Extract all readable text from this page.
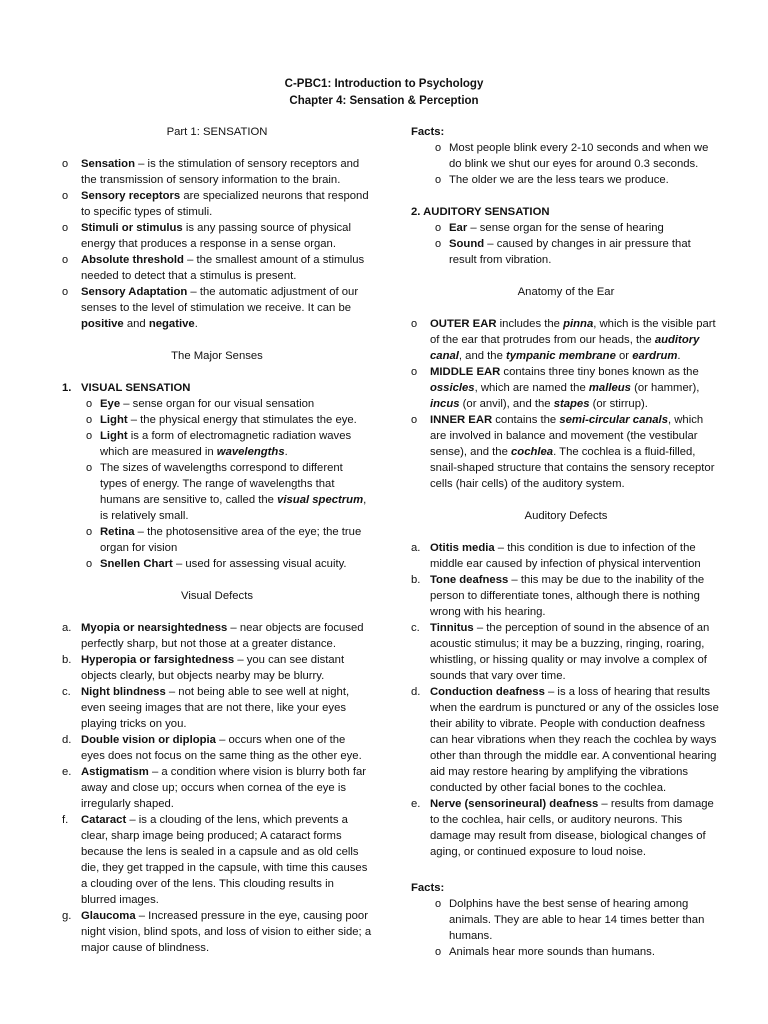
C-PBC1: Introduction to Psychology
Chapter 4: Sensation & Perception
Part 1: SENSATION
o Sensation – is the stimulation of sensory receptors and the transmission of sensory information to the brain.
o Sensory receptors are specialized neurons that respond to specific types of stimuli.
o Stimuli or stimulus is any passing source of physical energy that produces a response in a sense organ.
o Absolute threshold – the smallest amount of a stimulus needed to detect that a stimulus is present.
o Sensory Adaptation – the automatic adjustment of our senses to the level of stimulation we receive. It can be positive and negative.
The Major Senses
1. VISUAL SENSATION
o Eye – sense organ for our visual sensation
o Light – the physical energy that stimulates the eye.
o Light is a form of electromagnetic radiation waves which are measured in wavelengths.
o The sizes of wavelengths correspond to different types of energy. The range of wavelengths that humans are sensitive to, called the visual spectrum, is relatively small.
o Retina – the photosensitive area of the eye; the true organ for vision
o Snellen Chart – used for assessing visual acuity.
Visual Defects
a. Myopia or nearsightedness – near objects are focused perfectly sharp, but not those at a greater distance.
b. Hyperopia or farsightedness – you can see distant objects clearly, but objects nearby may be blurry.
c. Night blindness – not being able to see well at night, even seeing images that are not there, like your eyes playing tricks on you.
d. Double vision or diplopia – occurs when one of the eyes does not focus on the same thing as the other eye.
e. Astigmatism – a condition where vision is blurry both far away and close up; occurs when cornea of the eye is irregularly shaped.
f. Cataract – is a clouding of the lens, which prevents a clear, sharp image being produced; A cataract forms because the lens is sealed in a capsule and as old cells die, they get trapped in the capsule, with time this causes a clouding over of the lens. This clouding results in blurred images.
g. Glaucoma – Increased pressure in the eye, causing poor night vision, blind spots, and loss of vision to either side; a major cause of blindness.
Facts:
o Most people blink every 2-10 seconds and when we do blink we shut our eyes for around 0.3 seconds.
o The older we are the less tears we produce.
2. AUDITORY SENSATION
o Ear – sense organ for the sense of hearing
o Sound – caused by changes in air pressure that result from vibration.
Anatomy of the Ear
o OUTER EAR includes the pinna, which is the visible part of the ear that protrudes from our heads, the auditory canal, and the tympanic membrane or eardrum.
o MIDDLE EAR contains three tiny bones known as the ossicles, which are named the malleus (or hammer), incus (or anvil), and the stapes (or stirrup).
o INNER EAR contains the semi-circular canals, which are involved in balance and movement (the vestibular sense), and the cochlea. The cochlea is a fluid-filled, snail-shaped structure that contains the sensory receptor cells (hair cells) of the auditory system.
Auditory Defects
a. Otitis media – this condition is due to infection of the middle ear caused by infection of physical intervention
b. Tone deafness – this may be due to the inability of the person to differentiate tones, although there is nothing wrong with his hearing.
c. Tinnitus – the perception of sound in the absence of an acoustic stimulus; it may be a buzzing, ringing, roaring, whistling, or hissing quality or may involve a complex of sounds that vary over time.
d. Conduction deafness – is a loss of hearing that results when the eardrum is punctured or any of the ossicles lose their ability to vibrate. People with conduction deafness can hear vibrations when they reach the cochlea by ways other than through the middle ear. A conventional hearing aid may restore hearing by amplifying the vibrations conducted by other facial bones to the cochlea.
e. Nerve (sensorineural) deafness – results from damage to the cochlea, hair cells, or auditory neurons. This damage may result from disease, biological changes of aging, or continued exposure to loud noise.
Facts:
o Dolphins have the best sense of hearing among animals. They are able to hear 14 times better than humans.
o Animals hear more sounds than humans.
